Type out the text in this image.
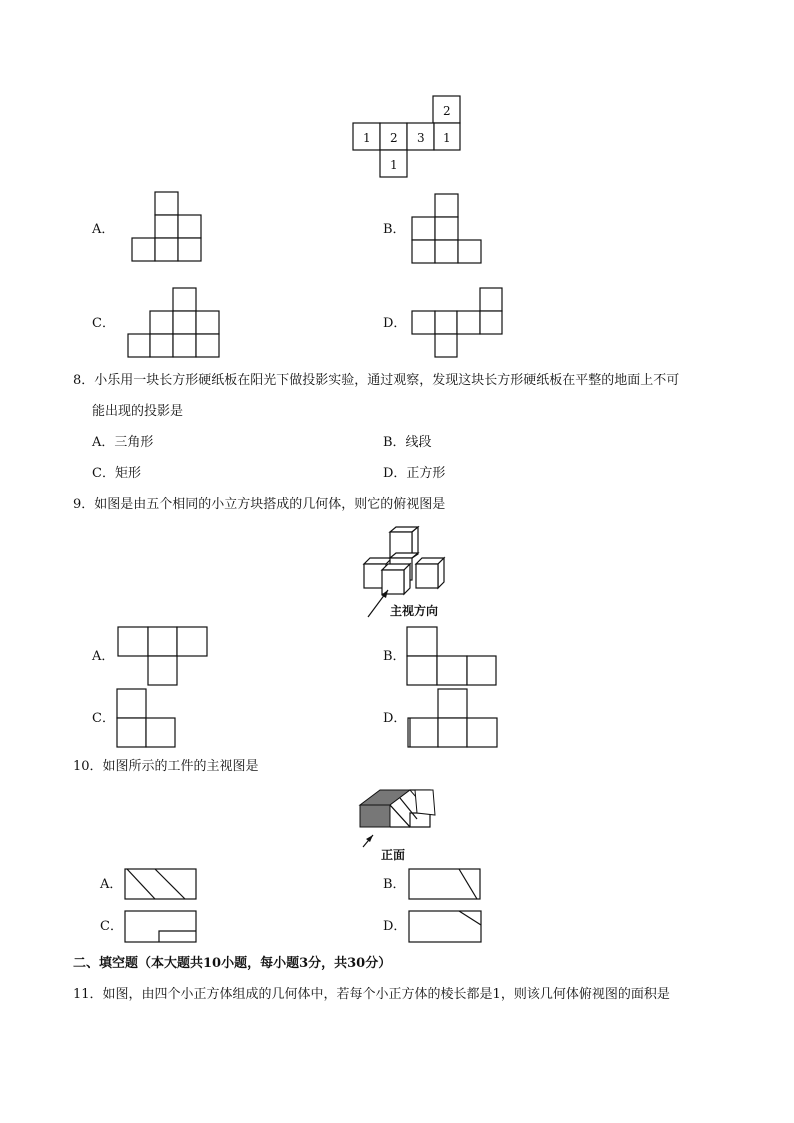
2
1 2 3 1
1
A．	B．
C．	D．
8．小乐用一块长方形硬纸板在阳光下做投影实验，通过观察，发现这块长方形硬纸板在平整的地面上不可
能出现的投影是
A．三角形	B．线段
C．矩形	D．正方形
9．如图是由五个相同的小立方块搭成的几何体，则它的俯视图是
主视方向
A．	B．
C．	D．
10．如图所示的工件的主视图是
正面
A．	B．
C．	D．
二、填空题（本大题共10小题，每小题3分，共30分）
11．如图，由四个小正方体组成的几何体中，若每个小正方体的棱长都是1，则该几何体俯视图的面积是
